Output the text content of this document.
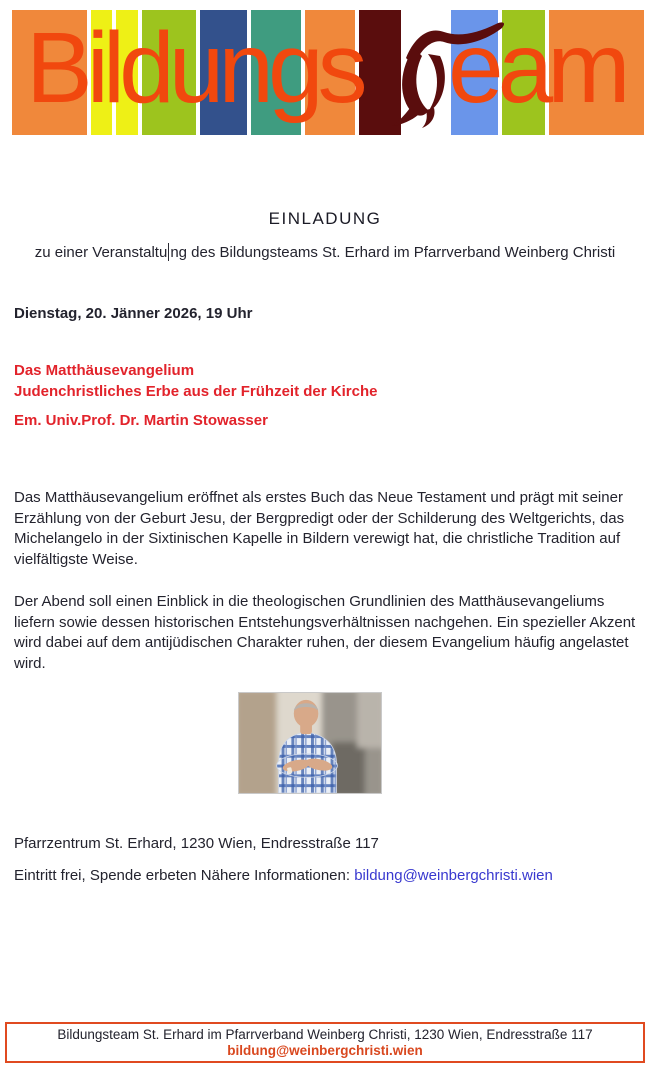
Bildungs eam
EINLADUNG
zu einer Veranstaltu ng des Bildungsteams St. Erhard im Pfarrverband Weinberg Christi
Dienstag, 20. Jänner 2026, 19 Uhr
Das Matthäusevangelium
Judenchristliches Erbe aus der Frühzeit der Kirche
Em. Univ.Prof. Dr. Martin Stowasser
Das Matthäusevangelium eröffnet als erstes Buch das Neue Testament und prägt mit seiner Erzählung von der Geburt Jesu, der Bergpredigt oder der Schilderung des Weltgerichts, das Michelangelo in der Sixtinischen Kapelle in Bildern verewigt hat, die christliche Tradition auf vielfältigste Weise.
Der Abend soll einen Einblick in die theologischen Grundlinien des Matthäusevangeliums liefern sowie dessen historischen Entstehungsverhältnissen nachgehen. Ein spezieller Akzent wird dabei auf dem antijüdischen Charakter ruhen, der diesem Evangelium häufig angelastet wird.
Pfarrzentrum St. Erhard, 1230 Wien, Endresstraße 117
Eintritt frei, Spende erbeten Nähere Informationen: bildung@weinbergchristi.wien
Bildungsteam St. Erhard im Pfarrverband Weinberg Christi, 1230 Wien, Endresstraße 117
bildung@weinbergchristi.wien
